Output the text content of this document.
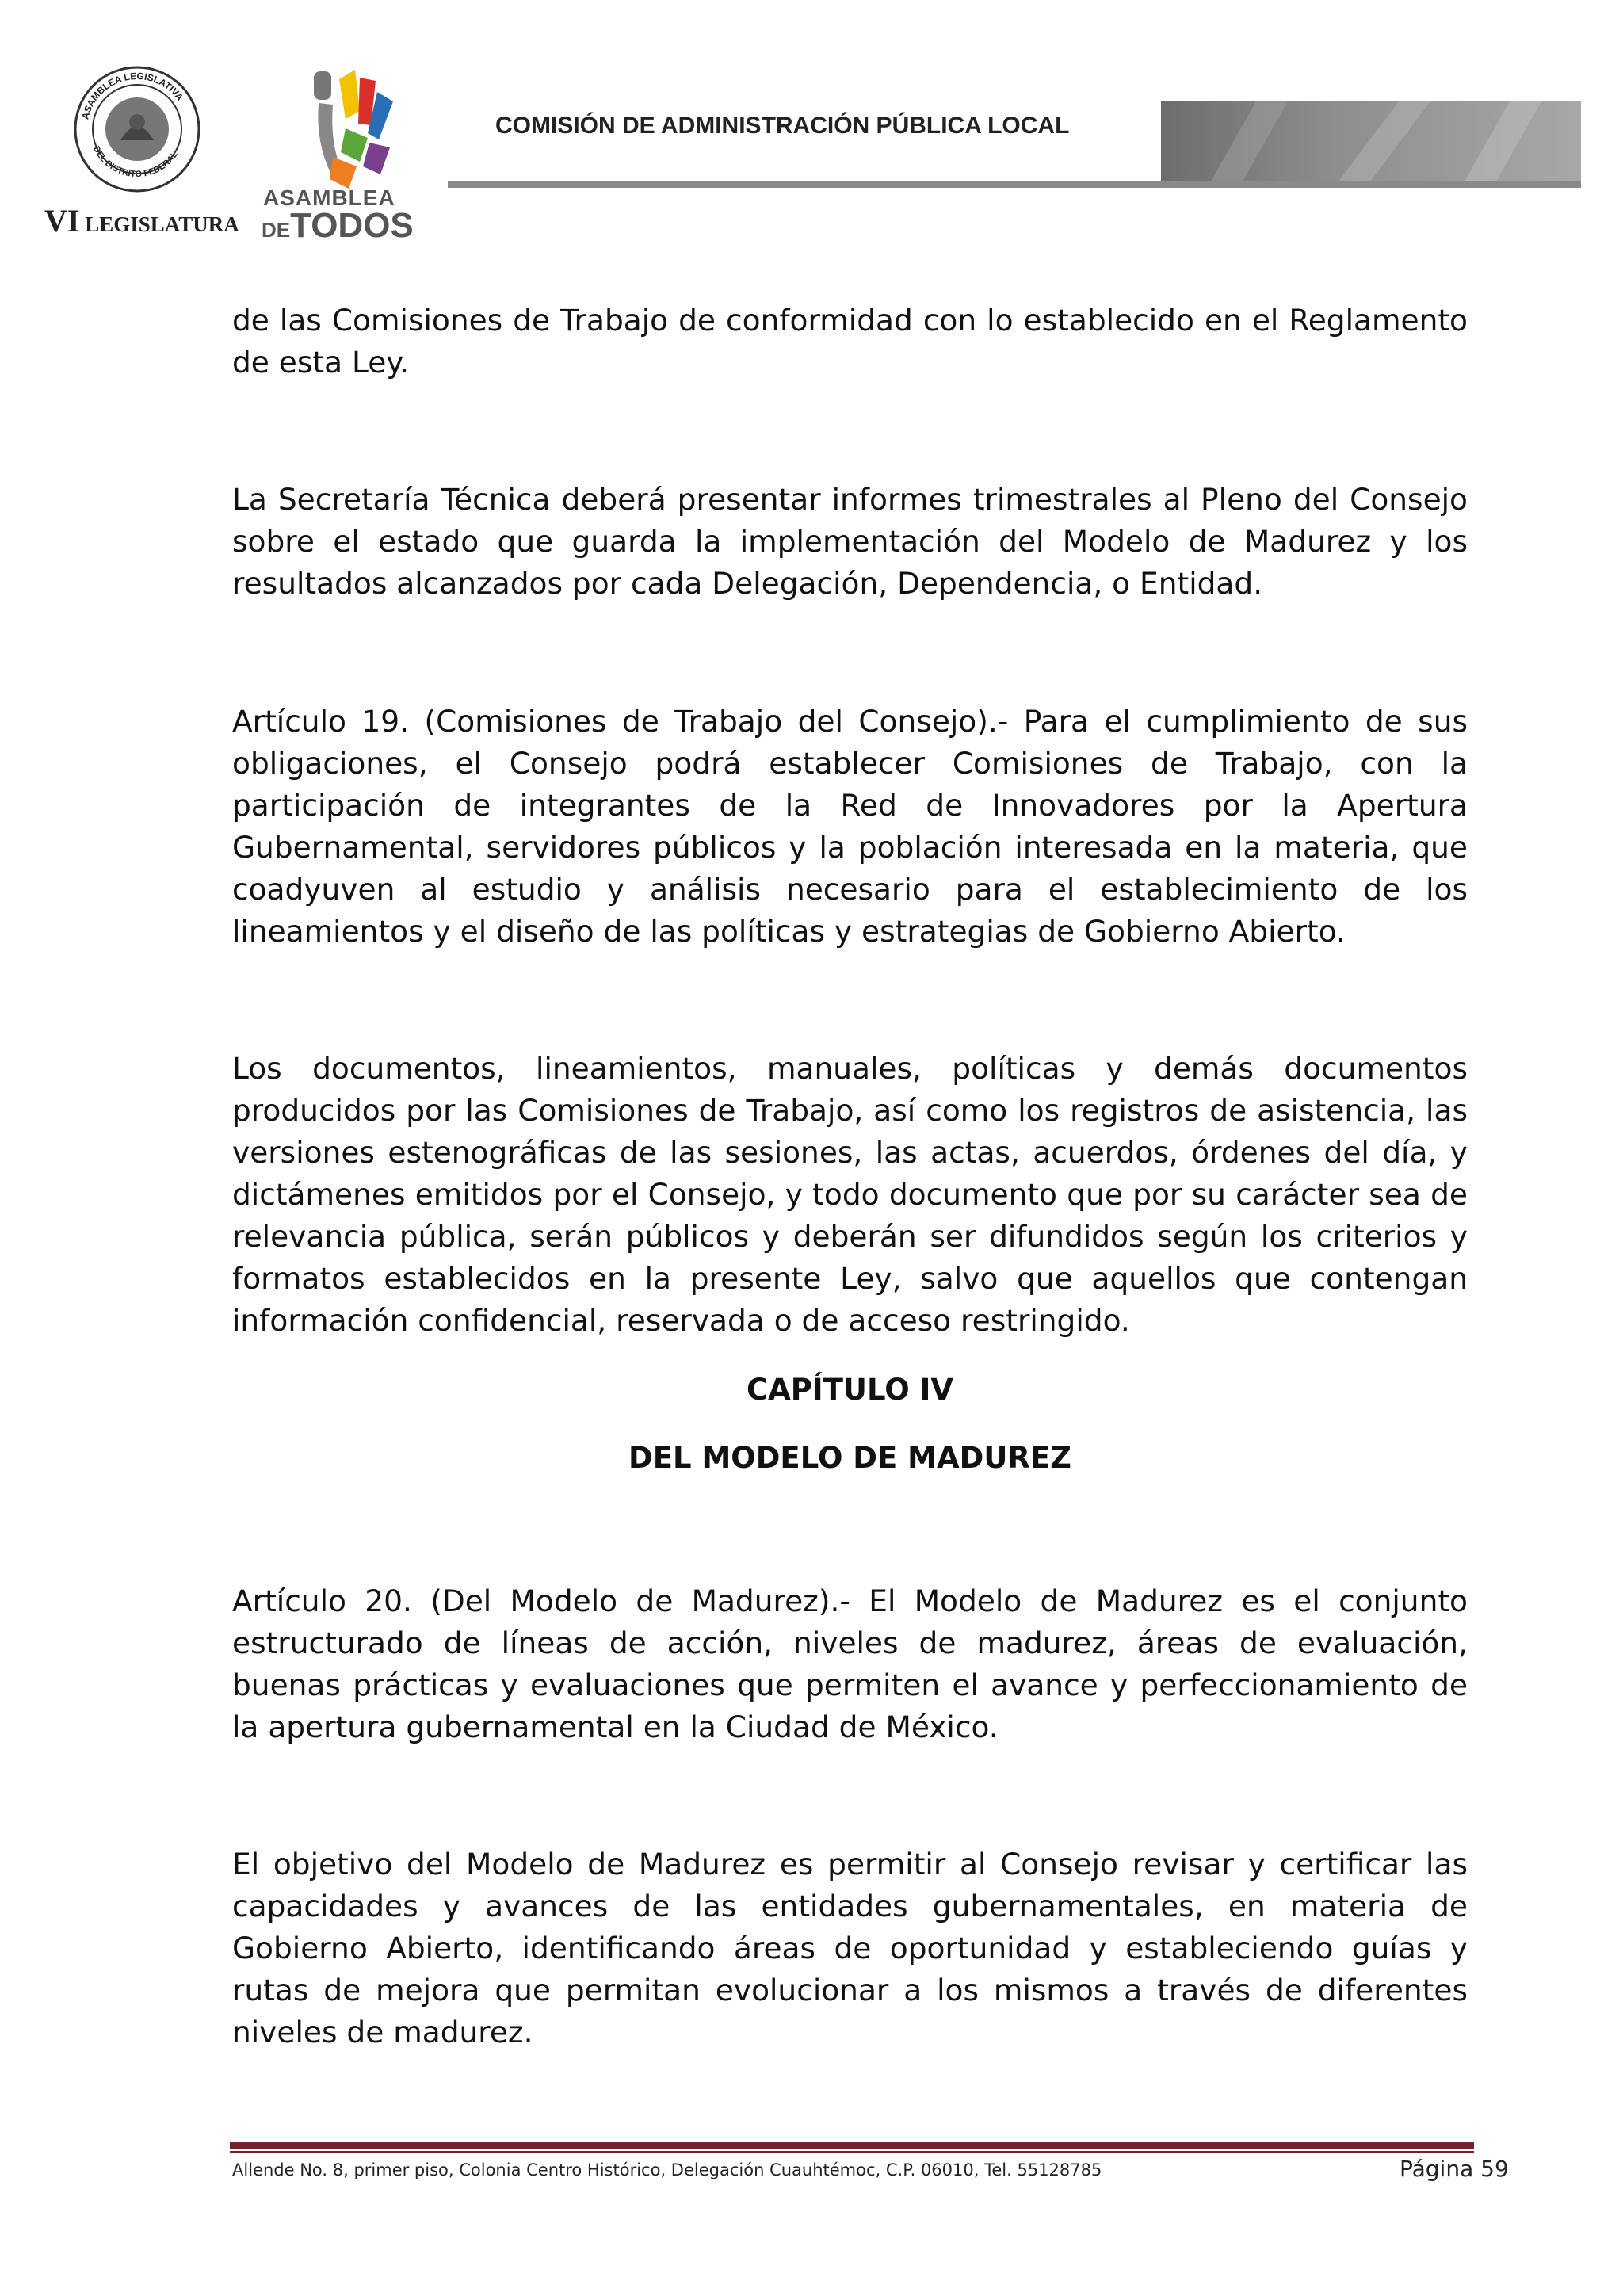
ASAMBLEA LEGISLATIVA
DEL DISTRITO FEDERAL
VI LEGISLATURA
ASAMBLEA
DETODOS
COMISIÓN DE ADMINISTRACIÓN PÚBLICA LOCAL
de las Comisiones de Trabajo de conformidad con lo establecido en el Reglamento de esta Ley.
La Secretaría Técnica deberá presentar informes trimestrales al Pleno del Consejo sobre el estado que guarda la implementación del Modelo de Madurez y los resultados alcanzados por cada Delegación, Dependencia, o Entidad.
Artículo 19. (Comisiones de Trabajo del Consejo).- Para el cumplimiento de sus obligaciones, el Consejo podrá establecer Comisiones de Trabajo, con la participación de integrantes de la Red de Innovadores por la Apertura Gubernamental, servidores públicos y la población interesada en la materia, que coadyuven al estudio y análisis necesario para el establecimiento de los lineamientos y el diseño de las políticas y estrategias de Gobierno Abierto.
Los documentos, lineamientos, manuales, políticas y demás documentos producidos por las Comisiones de Trabajo, así como los registros de asistencia, las versiones estenográficas de las sesiones, las actas, acuerdos, órdenes del día, y dictámenes emitidos por el Consejo, y todo documento que por su carácter sea de relevancia pública, serán públicos y deberán ser difundidos según los criterios y formatos establecidos en la presente Ley, salvo que aquellos que contengan información confidencial, reservada o de acceso restringido.
CAPÍTULO IV
DEL MODELO DE MADUREZ
Artículo 20. (Del Modelo de Madurez).- El Modelo de Madurez es el conjunto estructurado de líneas de acción, niveles de madurez, áreas de evaluación, buenas prácticas y evaluaciones que permiten el avance y perfeccionamiento de la apertura gubernamental en la Ciudad de México.
El objetivo del Modelo de Madurez es permitir al Consejo revisar y certificar las capacidades y avances de las entidades gubernamentales, en materia de Gobierno Abierto, identificando áreas de oportunidad y estableciendo guías y rutas de mejora que permitan evolucionar a los mismos a través de diferentes niveles de madurez.
Allende No. 8, primer piso, Colonia Centro Histórico, Delegación Cuauhtémoc, C.P. 06010, Tel. 55128785	Página 59
